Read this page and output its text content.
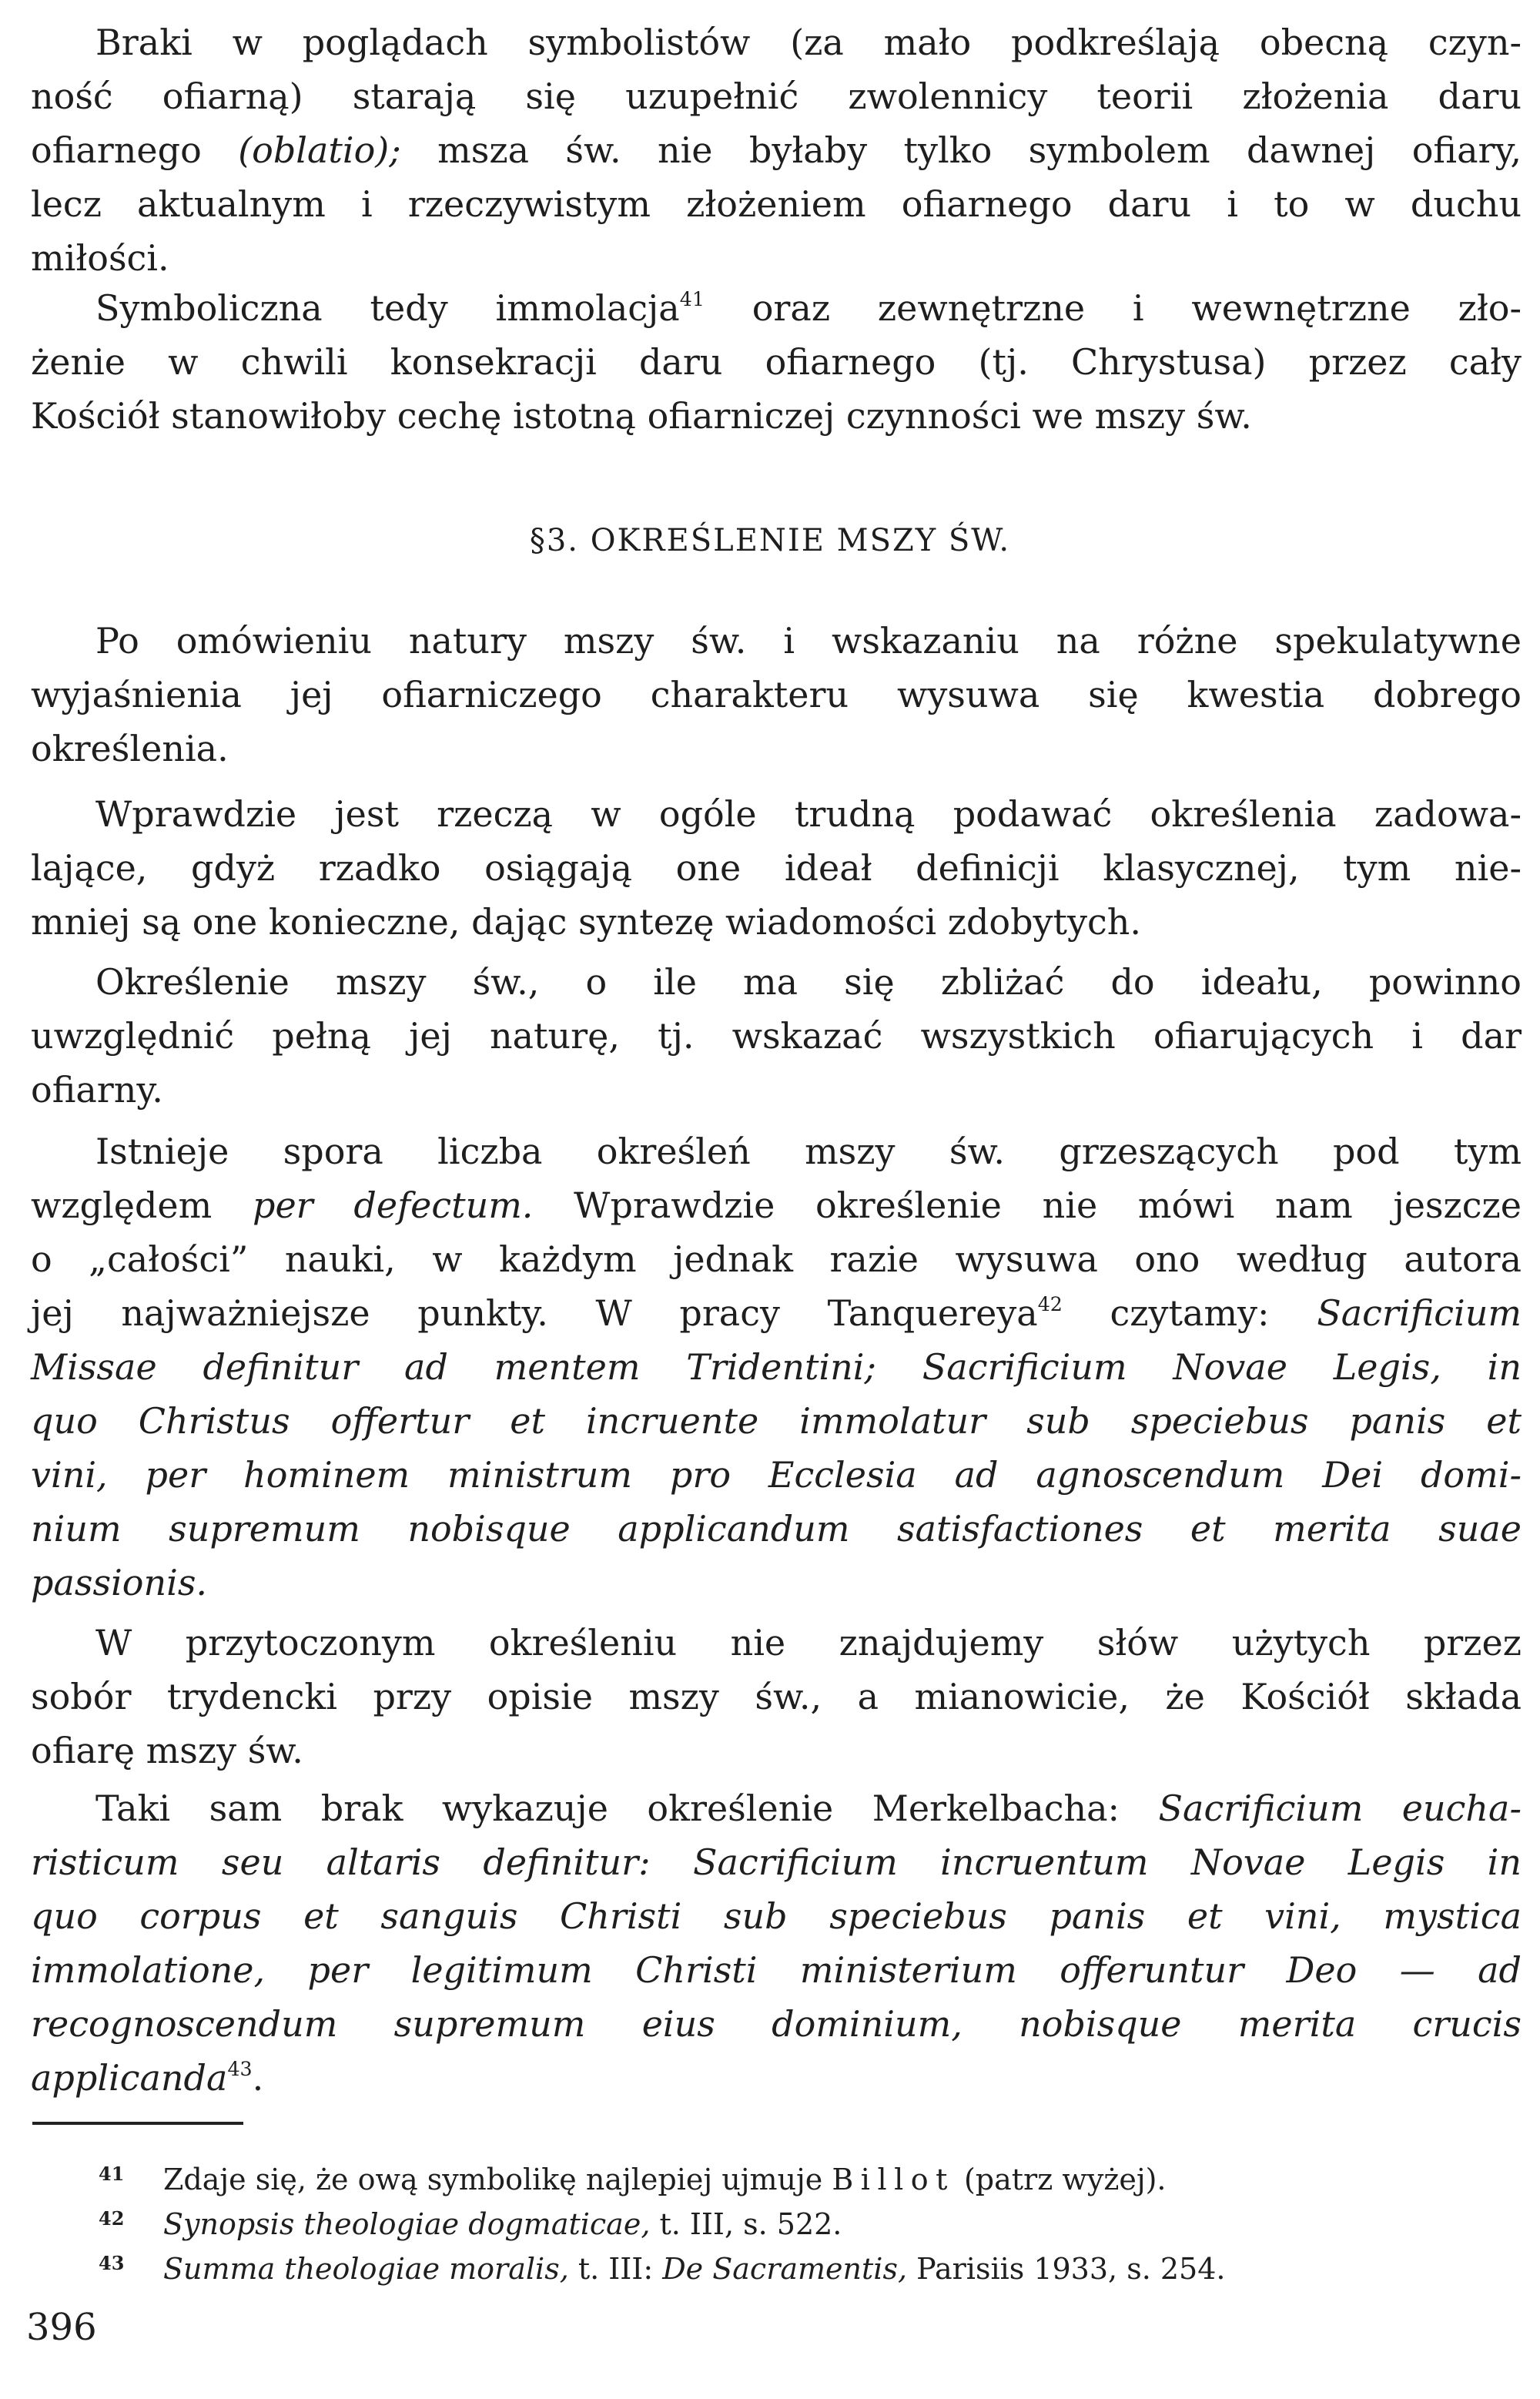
Braki w poglądach symbolistów (za mało podkreślają obecną czyn-
ność ofiarną) starają się uzupełnić zwolennicy teorii złożenia daru
ofiarnego (oblatio); msza św. nie byłaby tylko symbolem dawnej ofiary,
lecz aktualnym i rzeczywistym złożeniem ofiarnego daru i to w duchu
miłości.

Symboliczna tedy immolacja$^{41}$ oraz zewnętrzne i wewnętrzne zło-
żenie w chwili konsekracji daru ofiarnego (tj. Chrystusa) przez cały
Kościół stanowiłoby cechę istotną ofiarniczej czynności we mszy św.

§3. OKREŚLENIE MSZY ŚW.

Po omówieniu natury mszy św. i wskazaniu na różne spekulatywne
wyjaśnienia jej ofiarniczego charakteru wysuwa się kwestia dobrego
określenia.

Wprawdzie jest rzeczą w ogóle trudną podawać określenia zadowa-
lające, gdyż rzadko osiągają one ideał definicji klasycznej, tym nie-
mniej są one konieczne, dając syntezę wiadomości zdobytych.

Określenie mszy św., o ile ma się zbliżać do ideału, powinno
uwzględnić pełną jej naturę, tj. wskazać wszystkich ofiarujących i dar
ofiarny.

Istnieje spora liczba określeń mszy św. grzeszących pod tym
względem per defectum. Wprawdzie określenie nie mówi nam jeszcze
o „całości” nauki, w każdym jednak razie wysuwa ono według autora
jej najważniejsze punkty. W pracy Tanquereya$^{42}$ czytamy: Sacrificium
Missae definitur ad mentem Tridentini; Sacrificium Novae Legis, in
quo Christus offertur et incruente immolatur sub speciebus panis et
vini, per hominem ministrum pro Ecclesia ad agnoscendum Dei domi-
nium supremum nobisque applicandum satisfactiones et merita suae
passionis.

W przytoczonym określeniu nie znajdujemy słów użytych przez
sobór trydencki przy opisie mszy św., a mianowicie, że Kościół składa
ofiarę mszy św.

Taki sam brak wykazuje określenie Merkelbacha: Sacrificium eucha-
risticum seu altaris definitur: Sacrificium incruentum Novae Legis in
quo corpus et sanguis Christi sub speciebus panis et vini, mystica
immolatione, per legitimum Christi ministerium offeruntur Deo — ad
recognoscendum supremum eius dominium, nobisque merita crucis
applicanda$^{43}$.

41 Zdaje się, że ową symbolikę najlepiej ujmuje Billot (patrz wyżej).
42 Synopsis theologiae dogmaticae, t. III, s. 522.
43 Summa theologiae moralis, t. III: De Sacramentis, Parisiis 1933, s. 254.
396
